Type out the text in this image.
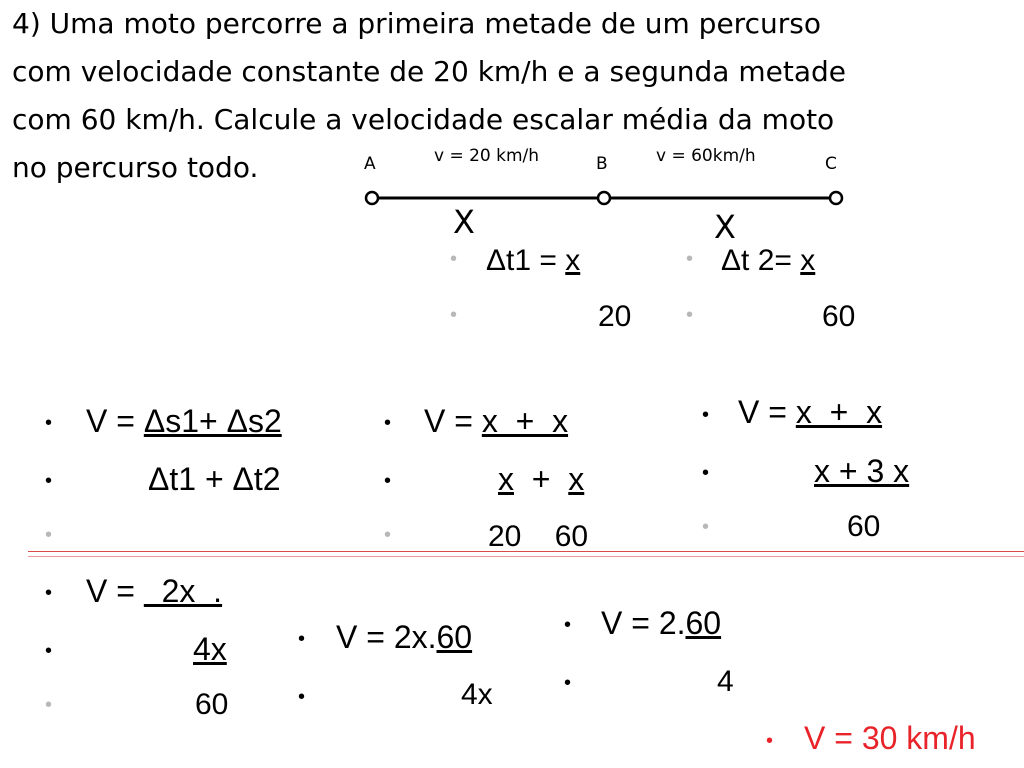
4) Uma moto percorre a primeira metade de um percurso
com velocidade constante de 20 km/h e a segunda metade
com 60 km/h. Calcule a velocidade escalar média da moto
no percurso todo.	A	B	C
v = 20 km/h	v = 60km/h
X	X
• Δt1 = x
•	20
• Δt 2= x
•	60
• V = Δs1+ Δs2
•	Δt1 + Δt2
•
• V = x  +  x
•	x  +  x
•	20    60
• V = x  +  x
•	x + 3 x
•	60
• V =   2x  .
•	4x
•	60
• V = 2x.60
•	4x
• V = 2.60
•	4
• V = 30 km/h
